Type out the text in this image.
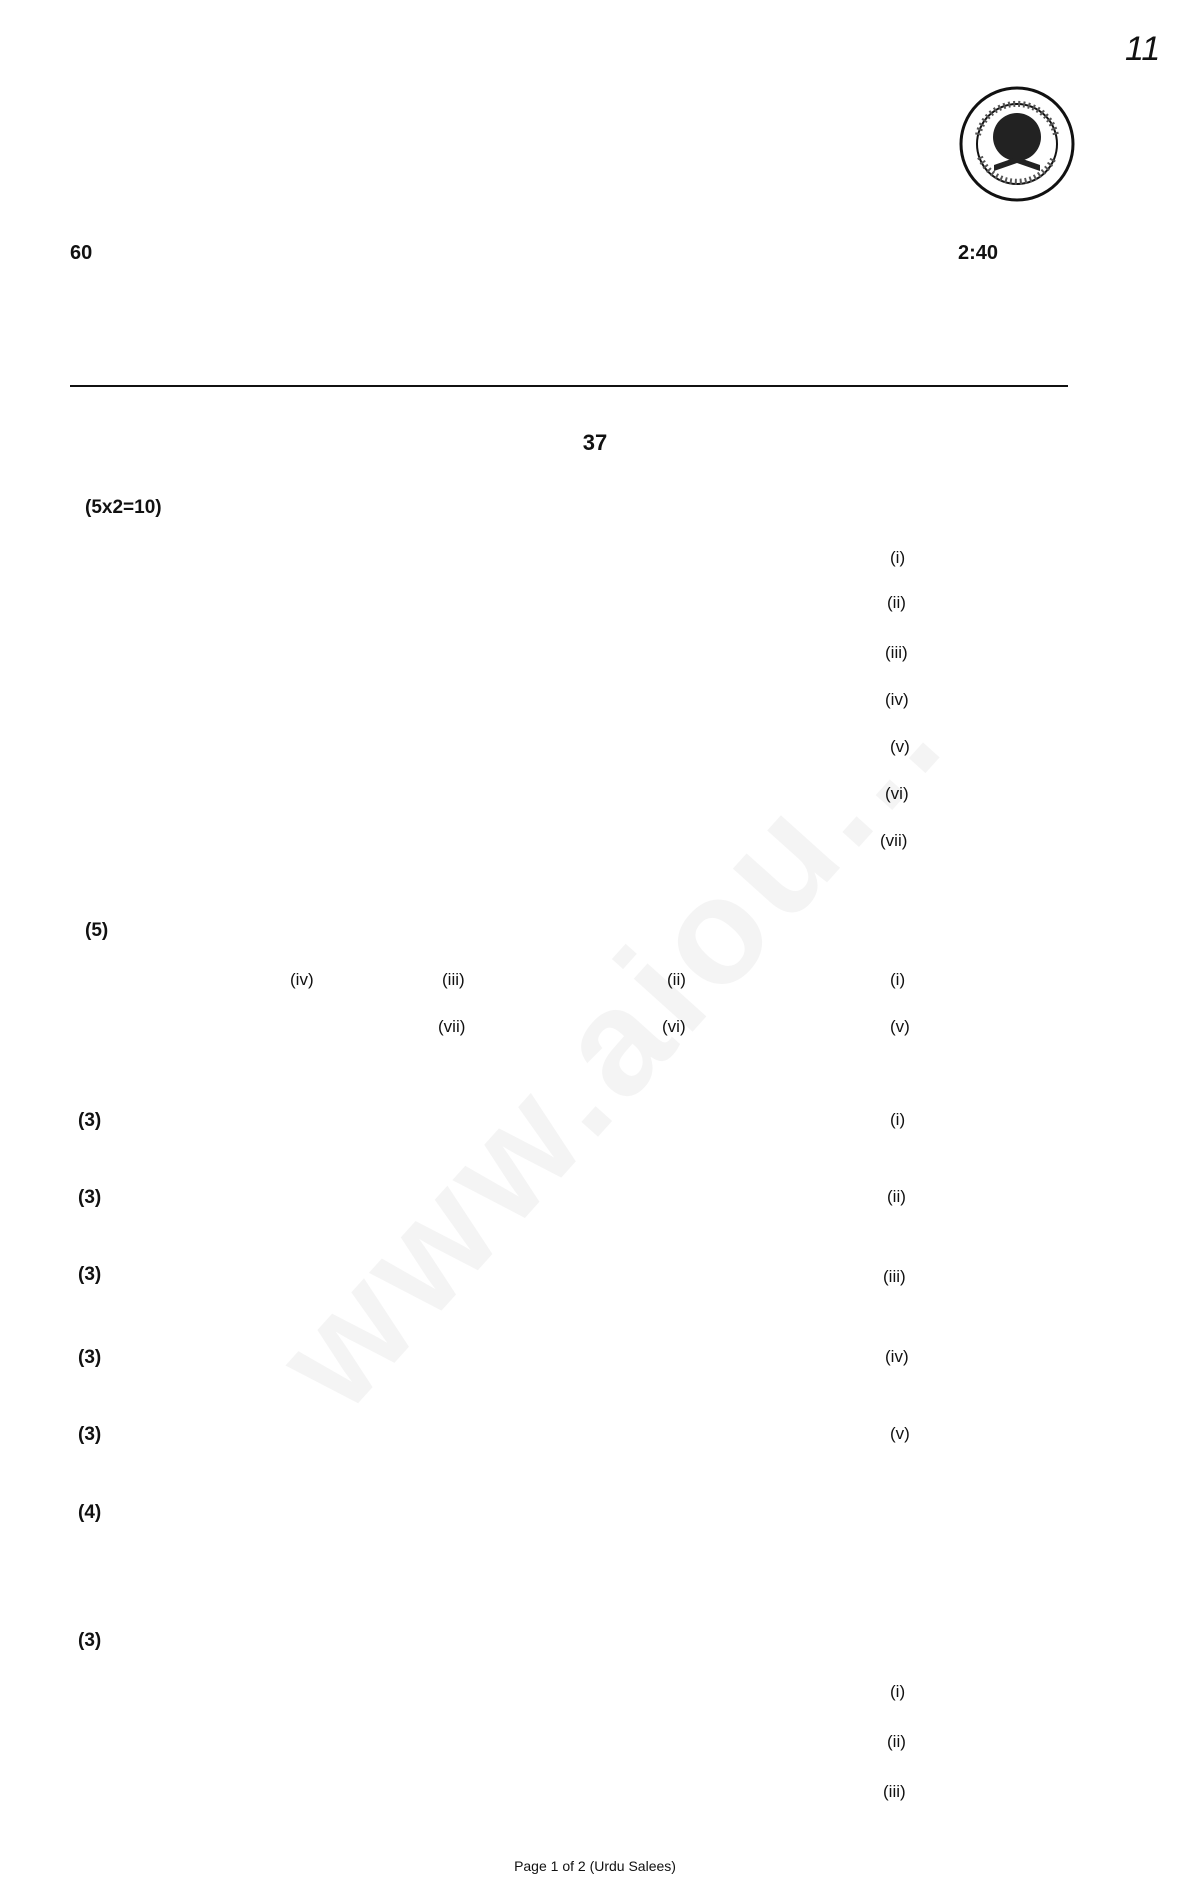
11
2:40
60
37
(5x2=10)
(i)
(ii)
(iii)
(iv)
(v)
(vi)
(vii)
(5)
(i)
(ii)
(iii)
(iv)
(v)
(vi)
(vii)
(i)
(3)
(ii)
(3)
(iii)
(3)
(iv)
(3)
(v)
(3)
(4)
(3)
(i)
(ii)
(iii)
Page 1 of 2 (Urdu Salees)
